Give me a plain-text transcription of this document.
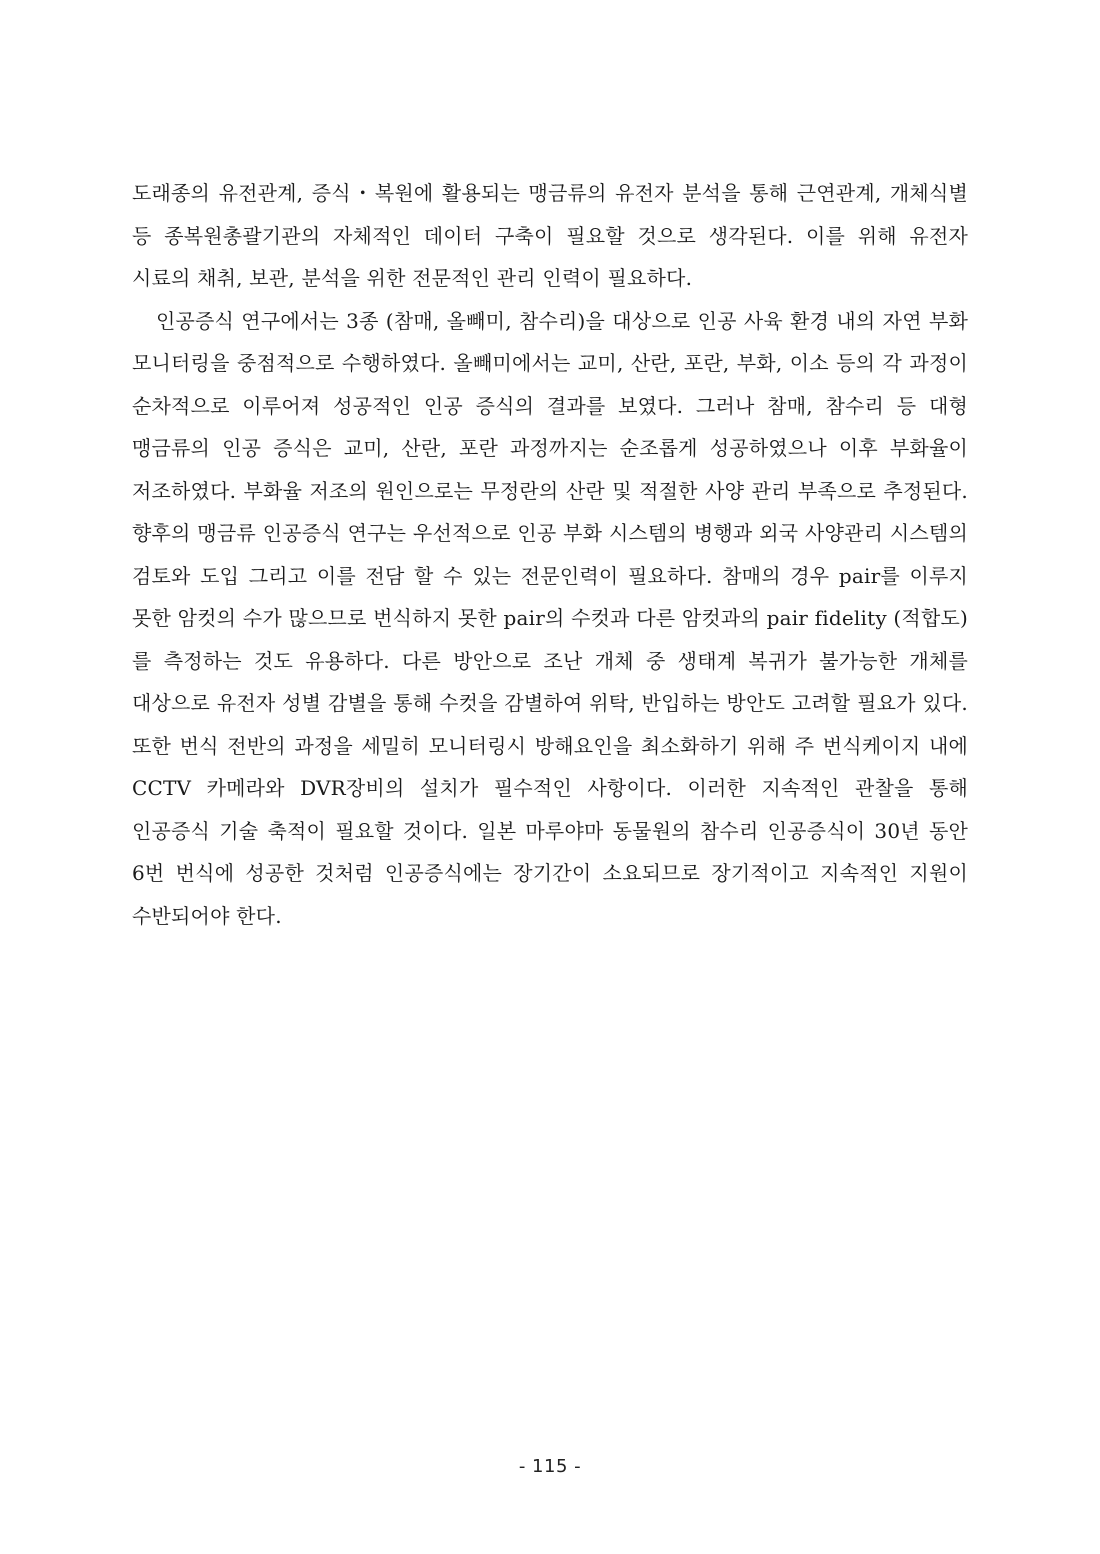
도래종의 유전관계, 증식・복원에 활용되는 맹금류의 유전자 분석을 통해 근연관계, 개체식별 등 종복원총괄기관의 자체적인 데이터 구축이 필요할 것으로 생각된다. 이를 위해 유전자 시료의 채취, 보관, 분석을 위한 전문적인 관리 인력이 필요하다.

인공증식 연구에서는 3종 (참매, 올빼미, 참수리)을 대상으로 인공 사육 환경 내의 자연 부화 모니터링을 중점적으로 수행하였다. 올빼미에서는 교미, 산란, 포란, 부화, 이소 등의 각 과정이 순차적으로 이루어져 성공적인 인공 증식의 결과를 보였다. 그러나 참매, 참수리 등 대형 맹금류의 인공 증식은 교미, 산란, 포란 과정까지는 순조롭게 성공하였으나 이후 부화율이 저조하였다. 부화율 저조의 원인으로는 무정란의 산란 및 적절한 사양 관리 부족으로 추정된다. 향후의 맹금류 인공증식 연구는 우선적으로 인공 부화 시스템의 병행과 외국 사양관리 시스템의 검토와 도입 그리고 이를 전담 할 수 있는 전문인력이 필요하다. 참매의 경우 pair를 이루지 못한 암컷의 수가 많으므로 번식하지 못한 pair의 수컷과 다른 암컷과의 pair fidelity (적합도)를 측정하는 것도 유용하다. 다른 방안으로 조난 개체 중 생태계 복귀가 불가능한 개체를 대상으로 유전자 성별 감별을 통해 수컷을 감별하여 위탁, 반입하는 방안도 고려할 필요가 있다. 또한 번식 전반의 과정을 세밀히 모니터링시 방해요인을 최소화하기 위해 주 번식케이지 내에 CCTV 카메라와 DVR장비의 설치가 필수적인 사항이다. 이러한 지속적인 관찰을 통해 인공증식 기술 축적이 필요할 것이다. 일본 마루야마 동물원의 참수리 인공증식이 30년 동안 6번 번식에 성공한 것처럼 인공증식에는 장기간이 소요되므로 장기적이고 지속적인 지원이 수반되어야 한다.

- 115 -
